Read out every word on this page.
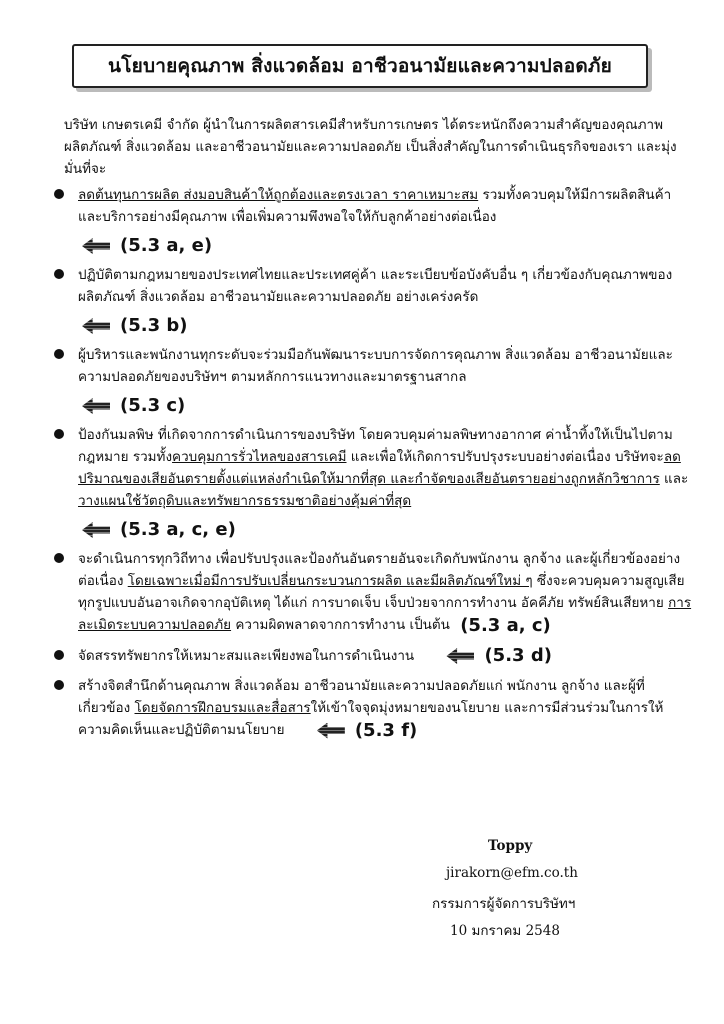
นโยบายคุณภาพ สิ่งแวดล้อม อาชีวอนามัยและความปลอดภัย
บริษัท เกษตรเคมี จำกัด ผู้นำในการผลิตสารเคมีสำหรับการเกษตร ได้ตระหนักถึงความสำคัญของคุณภาพผลิตภัณฑ์ สิ่งแวดล้อม และอาชีวอนามัยและความปลอดภัย เป็นสิ่งสำคัญในการดำเนินธุรกิจของเรา และมุ่งมั่นที่จะ
ลดต้นทุนการผลิต ส่งมอบสินค้าให้ถูกต้องและตรงเวลา ราคาเหมาะสม รวมทั้งควบคุมให้มีการผลิตสินค้า และบริการอย่างมีคุณภาพ เพื่อเพิ่มความพึงพอใจให้กับลูกค้าอย่างต่อเนื่อง
(5.3 a, e)
ปฏิบัติตามกฎหมายของประเทศไทยและประเทศคู่ค้า และระเบียบข้อบังคับอื่น ๆ เกี่ยวข้องกับคุณภาพของผลิตภัณฑ์ สิ่งแวดล้อม อาชีวอนามัยและความปลอดภัย อย่างเคร่งครัด
(5.3 b)
ผู้บริหารและพนักงานทุกระดับจะร่วมมือกันพัฒนาระบบการจัดการคุณภาพ สิ่งแวดล้อม อาชีวอนามัยและความปลอดภัยของบริษัทฯ ตามหลักการแนวทางและมาตรฐานสากล
(5.3 c)
ป้องกันมลพิษ ที่เกิดจากการดำเนินการของบริษัท โดยควบคุมค่ามลพิษทางอากาศ ค่าน้ำทิ้งให้เป็นไปตามกฎหมาย รวมทั้งควบคุมการรั่วไหลของสารเคมี และเพื่อให้เกิดการปรับปรุงระบบอย่างต่อเนื่อง บริษัทจะลดปริมาณของเสียอันตรายตั้งแต่แหล่งกำเนิดให้มากที่สุด และกำจัดของเสียอันตรายอย่างถูกหลักวิชาการ และวางแผนใช้วัตถุดิบและทรัพยากรธรรมชาติอย่างคุ้มค่าที่สุด
(5.3 a, c, e)
จะดำเนินการทุกวิถีทาง เพื่อปรับปรุงและป้องกันอันตรายอันจะเกิดกับพนักงาน ลูกจ้าง และผู้เกี่ยวข้องอย่างต่อเนื่อง โดยเฉพาะเมื่อมีการปรับเปลี่ยนกระบวนการผลิต และมีผลิตภัณฑ์ใหม่ ๆ ซึ่งจะควบคุมความสูญเสียทุกรูปแบบอันอาจเกิดจากอุบัติเหตุ ได้แก่ การบาดเจ็บ เจ็บป่วยจากการทำงาน อัคคีภัย ทรัพย์สินเสียหาย การละเมิดระบบความปลอดภัย ความผิดพลาดจากการทำงาน เป็นต้น (5.3 a, c)
จัดสรรทรัพยากรให้เหมาะสมและเพียงพอในการดำเนินงาน	(5.3 d)
สร้างจิตสำนึกด้านคุณภาพ สิ่งแวดล้อม อาชีวอนามัยและความปลอดภัยแก่ พนักงาน ลูกจ้าง และผู้ที่เกี่ยวข้อง โดยจัดการฝึกอบรมและสื่อสารให้เข้าใจจุดมุ่งหมายของนโยบาย และการมีส่วนร่วมในการให้ความคิดเห็นและปฏิบัติตามนโยบาย	(5.3 f)
Toppy
jirakorn@efm.co.th
กรรมการผู้จัดการบริษัทฯ
10 มกราคม 2548
